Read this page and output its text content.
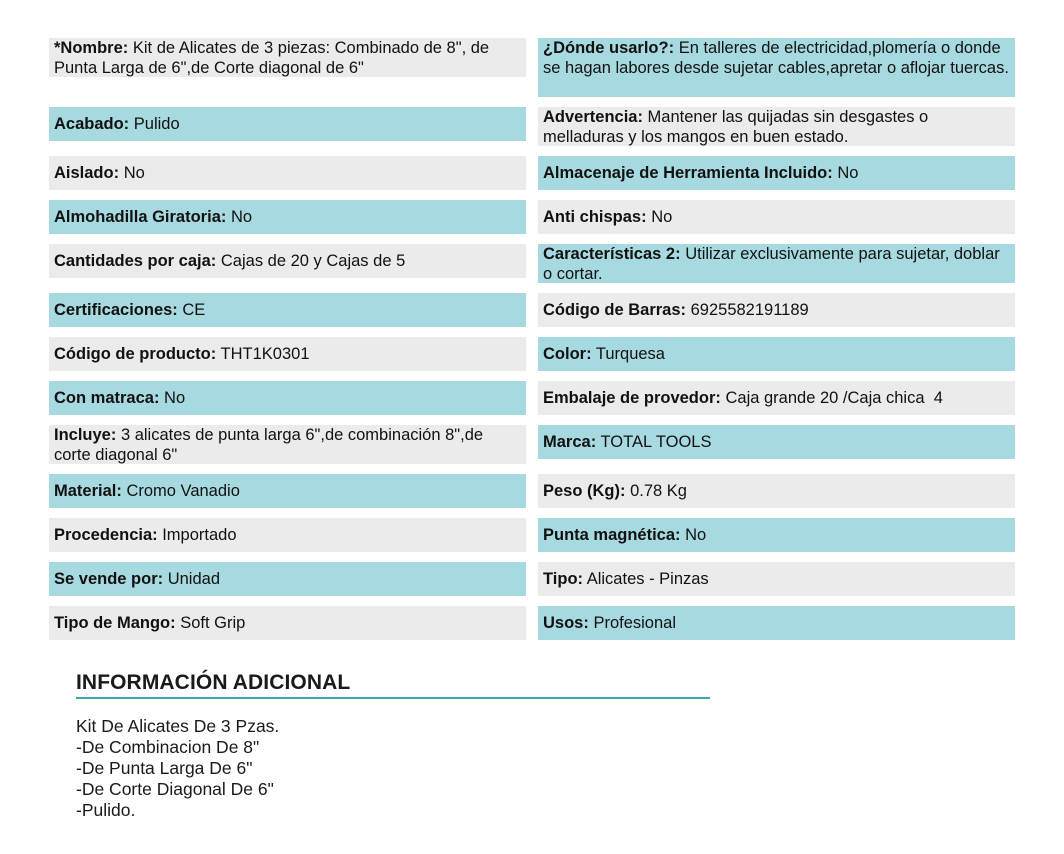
*Nombre: Kit de Alicates de 3 piezas: Combinado de 8", de Punta Larga de 6",de Corte diagonal de 6"
Acabado: Pulido
Aislado: No
Almohadilla Giratoria: No
Cantidades por caja: Cajas de 20 y Cajas de 5
Certificaciones: CE
Código de producto: THT1K0301
Con matraca: No
Incluye: 3 alicates de punta larga 6",de combinación 8",de corte diagonal 6"
Material: Cromo Vanadio
Procedencia: Importado
Se vende por: Unidad
Tipo de Mango: Soft Grip
¿Dónde usarlo?: En talleres de electricidad,plomería o donde se hagan labores desde sujetar cables,apretar o aflojar tuercas.
Advertencia: Mantener las quijadas sin desgastes o melladuras y los mangos en buen estado.
Almacenaje de Herramienta Incluido: No
Anti chispas: No
Características 2: Utilizar exclusivamente para sujetar, doblar o cortar.
Código de Barras: 6925582191189
Color: Turquesa
Embalaje de provedor: Caja grande 20 /Caja chica  4
Marca: TOTAL TOOLS
Peso (Kg): 0.78 Kg
Punta magnética: No
Tipo: Alicates - Pinzas
Usos: Profesional
INFORMACIÓN ADICIONAL
Kit De Alicates De 3 Pzas.
-De Combinacion De 8"
-De Punta Larga De 6"
-De Corte Diagonal De 6"
-Pulido.
